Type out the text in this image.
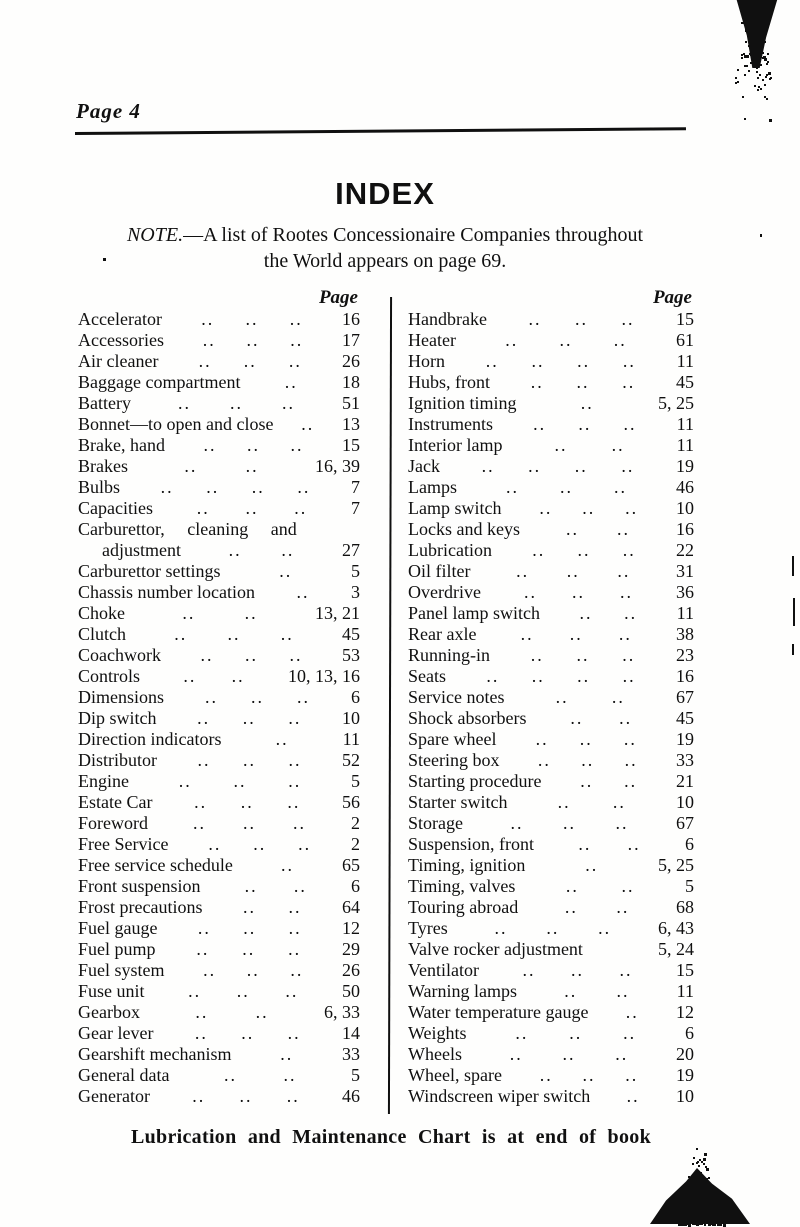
Page 4
INDEX
NOTE.—A list of Rootes Concessionaire Companies throughout
the World appears on page 69.
Page
Accelerator .. .. .. 16
Accessories .. .. .. 17
Air cleaner .. .. .. 26
Baggage compartment .. 18
Battery	.. .. ..	51
Bonnet—to open and close .. 13
Brake, hand .. .. .. 15
Brakes	..	..	16, 39
Bulbs .. .. .. .. 7
Capacities .. .. .. 7
Carburettor, cleaning and
adjustment	.. ..	27
Carburettor settings	..	5
Chassis number location .. 3
Choke	..	..	13, 21
Clutch	.. .. ..	45
Coachwork .. .. .. 53
Controls .. .. 10, 13, 16
Dimensions .. .. .. 6
Dip switch .. .. .. 10
Direction indicators	..	11
Distributor .. .. .. 52
Engine	.. .. ..	5
Estate Car .. .. .. 56
Foreword	.. .. ..	2
Free Service .. .. .. 2
Free service schedule	..	65
Front suspension .. .. 6
Frost precautions .. .. 64
Fuel gauge .. .. .. 12
Fuel pump .. .. .. 29
Fuel system .. .. .. 26
Fuse unit .. .. .. 50
Gearbox	..	..	6, 33
Gear lever .. .. .. 14
Gearshift mechanism	..	33
General data	..	..	5
Generator .. .. .. 46
Page
Handbrake .. .. .. 15
Heater	.. .. ..	61
Horn .. .. .. .. 11
Hubs, front .. .. .. 45
Ignition timing	..	5, 25
Instruments .. .. .. 11
Interior lamp	.. ..	11
Jack .. .. .. .. 19
Lamps	.. .. ..	46
Lamp switch .. .. .. 10
Locks and keys	.. ..	16
Lubrication .. .. .. 22
Oil filter	.. .. ..	31
Overdrive .. .. .. 36
Panel lamp switch .. .. 11
Rear axle .. .. .. 38
Running-in .. .. .. 23
Seats .. .. .. .. 16
Service notes	.. ..	67
Shock absorbers .. .. 45
Spare wheel .. .. .. 19
Steering box .. .. .. 33
Starting procedure .. .. 21
Starter switch	.. ..	10
Storage	.. .. ..	67
Suspension, front .. .. 6
Timing, ignition	..	5, 25
Timing, valves	.. ..	5
Touring abroad	.. ..	68
Tyres	.. .. ..	6, 43
Valve rocker adjustment	5, 24
Ventilator .. .. .. 15
Warning lamps	.. ..	11
Water temperature gauge .. 12
Weights	.. .. ..	6
Wheels	.. .. ..	20
Wheel, spare .. .. .. 19
Windscreen wiper switch .. 10
Lubrication and Maintenance Chart is at end of book
